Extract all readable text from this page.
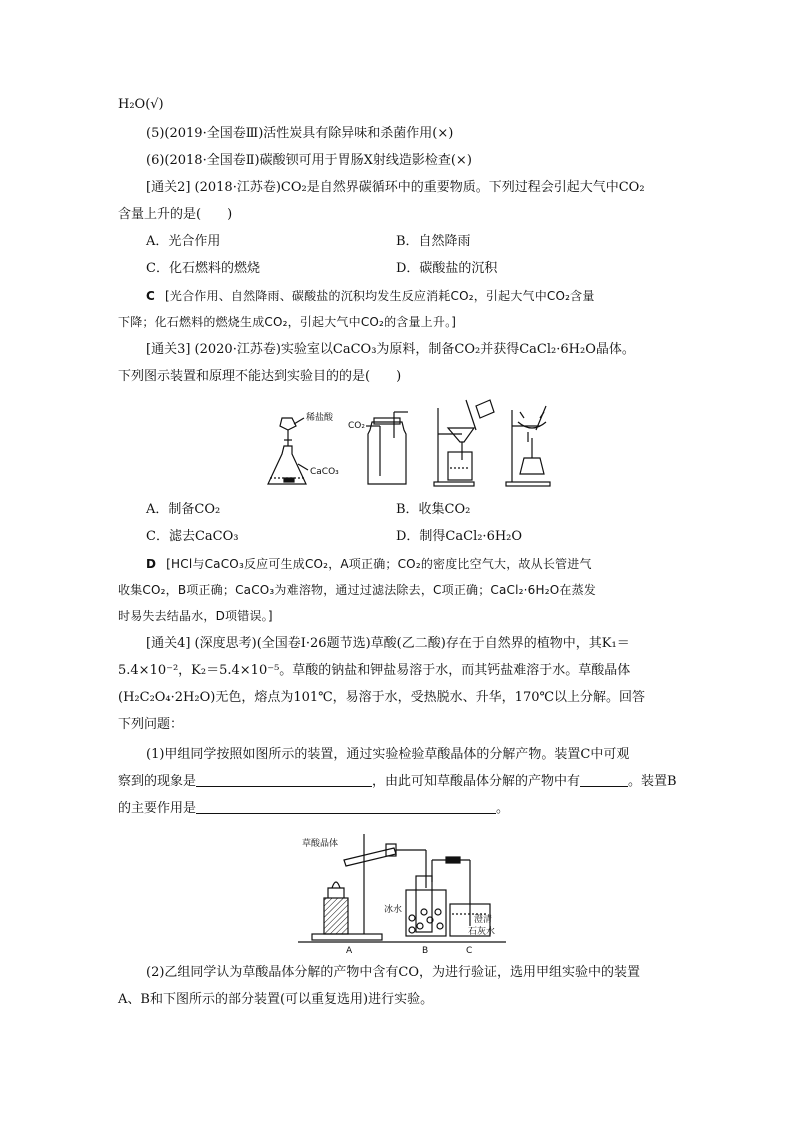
H₂O(√)
(5)(2019·全国卷Ⅲ)活性炭具有除异味和杀菌作用(×)
(6)(2018·全国卷Ⅱ)碳酸钡可用于胃肠X射线造影检查(×)
[通关2] (2018·江苏卷)CO₂是自然界碳循环中的重要物质。下列过程会引起大气中CO₂
含量上升的是(　　)
A．光合作用	B．自然降雨
C．化石燃料的燃烧	D．碳酸盐的沉积
C [光合作用、自然降雨、碳酸盐的沉积均发生反应消耗CO₂，引起大气中CO₂含量
下降；化石燃料的燃烧生成CO₂，引起大气中CO₂的含量上升。]
[通关3] (2020·江苏卷)实验室以CaCO₃为原料，制备CO₂并获得CaCl₂·6H₂O晶体。
下列图示装置和原理不能达到实验目的的是(　　)
稀盐酸
CaCO₃
CO₂
A．制备CO₂	B．收集CO₂
C．滤去CaCO₃	D．制得CaCl₂·6H₂O
D [HCl与CaCO₃反应可生成CO₂，A项正确；CO₂的密度比空气大，故从长管进气
收集CO₂，B项正确；CaCO₃为难溶物，通过过滤法除去，C项正确；CaCl₂·6H₂O在蒸发
时易失去结晶水，D项错误。]
[通关4] (深度思考)(全国卷Ⅰ·26题节选)草酸(乙二酸)存在于自然界的植物中，其K₁＝
5.4×10⁻²，K₂＝5.4×10⁻⁵。草酸的钠盐和钾盐易溶于水，而其钙盐难溶于水。草酸晶体
(H₂C₂O₄·2H₂O)无色，熔点为101℃，易溶于水，受热脱水、升华，170℃以上分解。回答
下列问题：
(1)甲组同学按照如图所示的装置，通过实验检验草酸晶体的分解产物。装置C中可观
察到的现象是	，由此可知草酸晶体分解的产物中有	。装置B
的主要作用是	。
草酸晶体
冰水
澄清
石灰水
A	B	C
(2)乙组同学认为草酸晶体分解的产物中含有CO，为进行验证，选用甲组实验中的装置
A、B和下图所示的部分装置(可以重复选用)进行实验。
